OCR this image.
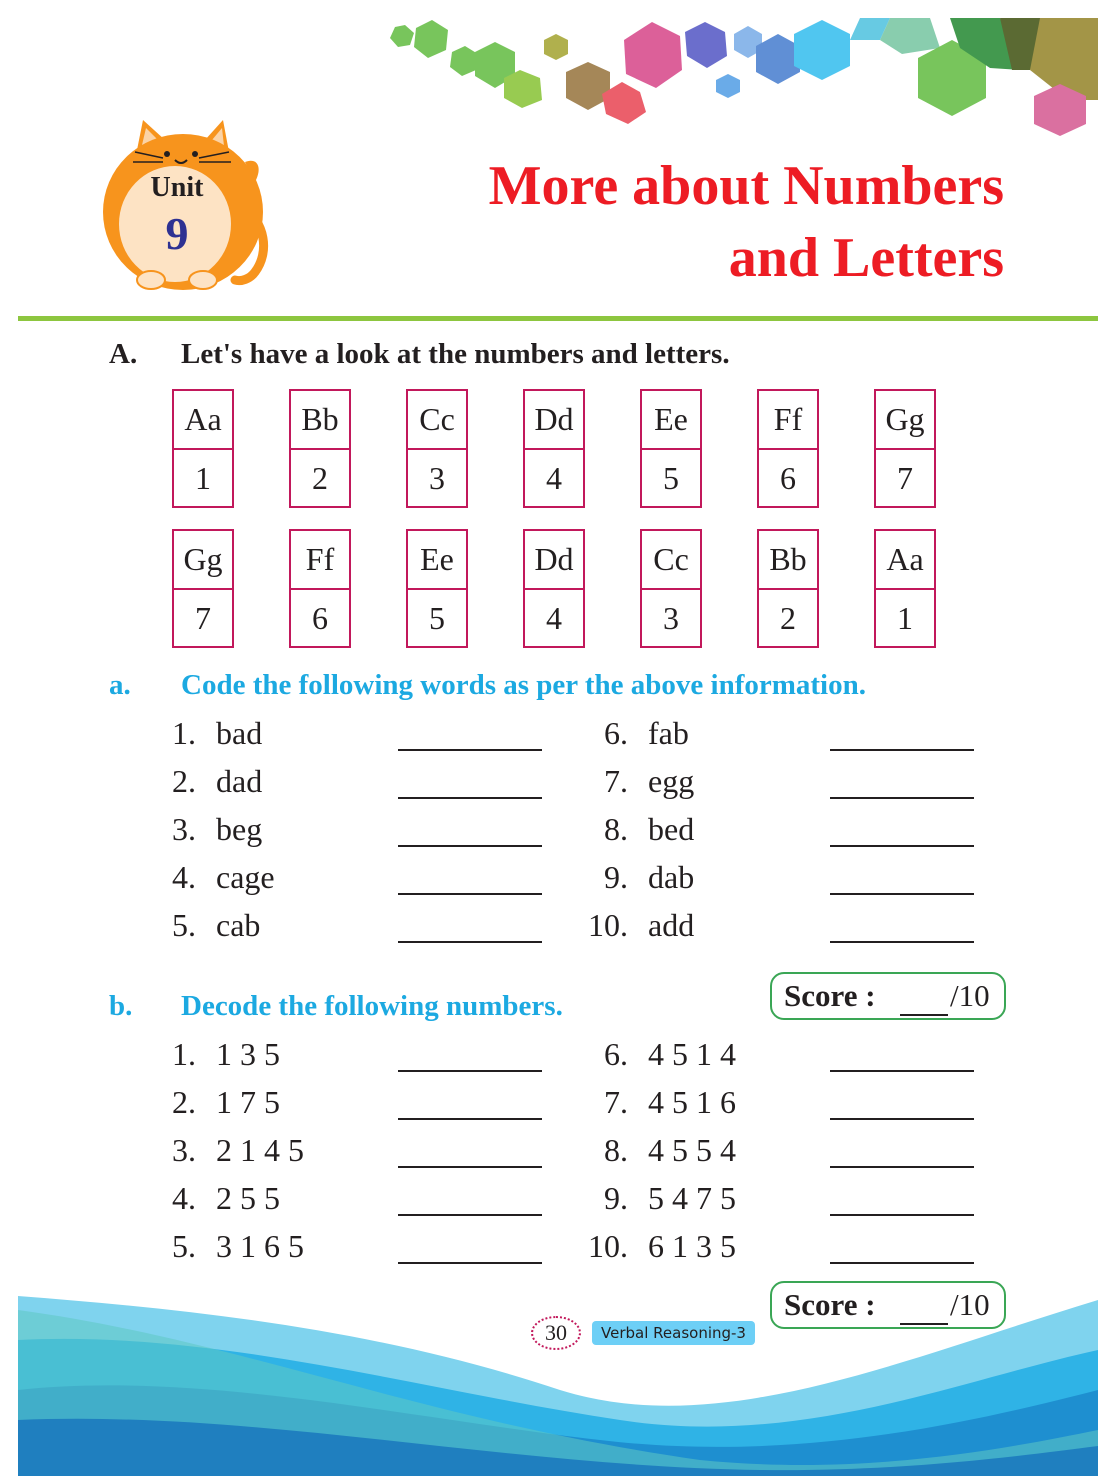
Unit
9
More about Numbers
and Letters
A. Let's have a look at the numbers and letters.
Aa
1
Bb
2
Cc
3
Dd
4
Ee
5
Ff
6
Gg
7
Gg
7
Ff
6
Ee
5
Dd
4
Cc
3
Bb
2
Aa
1
a. Code the following words as per the above information.
1. bad
2. dad
3. beg
4. cage
5. cab
6. fab
7. egg
8. bed
9. dab
10. add
Score : /10
b. Decode the following numbers.
1. 1 3 5
2. 1 7 5
3. 2 1 4 5
4. 2 5 5
5. 3 1 6 5
6. 4 5 1 4
7. 4 5 1 6
8. 4 5 5 4
9. 5 4 7 5
10. 6 1 3 5
Score : /10
30	Verbal Reasoning-3
